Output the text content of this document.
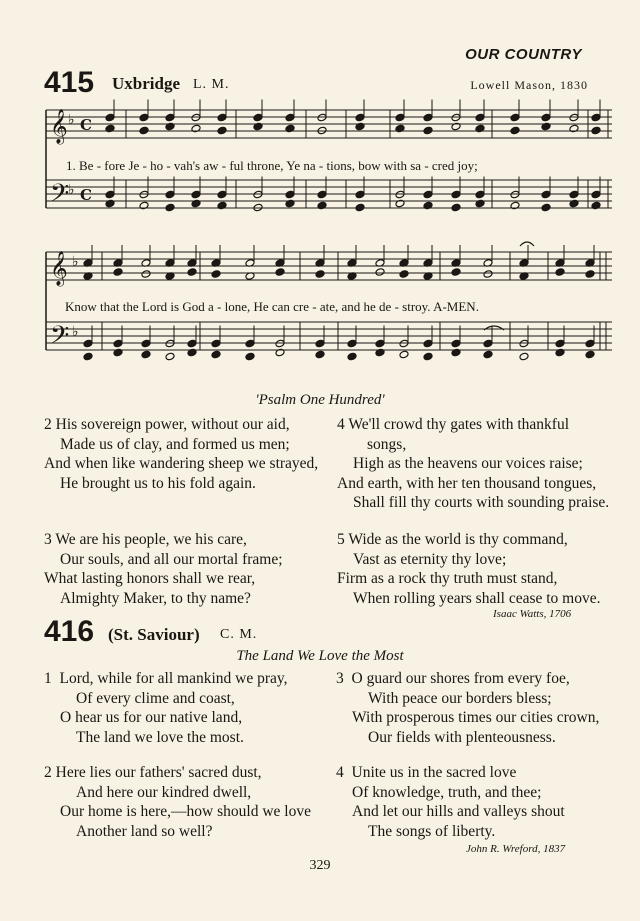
OUR COUNTRY
415 Uxbridge L. M.	Lowell Mason, 1830
𝄞
𝄞
𝄢
𝄢
♭
♭
♭
♭
C
C
1. Be - fore Je - ho - vah's aw - ful throne, Ye na - tions, bow with sa - cred joy;
Know that the Lord is God a - lone, He can cre - ate, and he de - stroy. A-MEN.
'Psalm One Hundred'
2 His sovereign power, without our aid,
Made us of clay, and formed us men;
And when like wandering sheep we strayed,
He brought us to his fold again.
3 We are his people, we his care,
Our souls, and all our mortal frame;
What lasting honors shall we rear,
Almighty Maker, to thy name?
4 We'll crowd thy gates with thankful
songs,
High as the heavens our voices raise;
And earth, with her ten thousand tongues,
Shall fill thy courts with sounding praise.
5 Wide as the world is thy command,
Vast as eternity thy love;
Firm as a rock thy truth must stand,
When rolling years shall cease to move.
Isaac Watts, 1706
416 (St. Saviour) C. M.
The Land We Love the Most
1 Lord, while for all mankind we pray,
Of every clime and coast,
O hear us for our native land,
The land we love the most.
2 Here lies our fathers' sacred dust,
And here our kindred dwell,
Our home is here,—how should we love
Another land so well?
3 O guard our shores from every foe,
With peace our borders bless;
With prosperous times our cities crown,
Our fields with plenteousness.
4 Unite us in the sacred love
Of knowledge, truth, and thee;
And let our hills and valleys shout
The songs of liberty.
John R. Wreford, 1837
329
